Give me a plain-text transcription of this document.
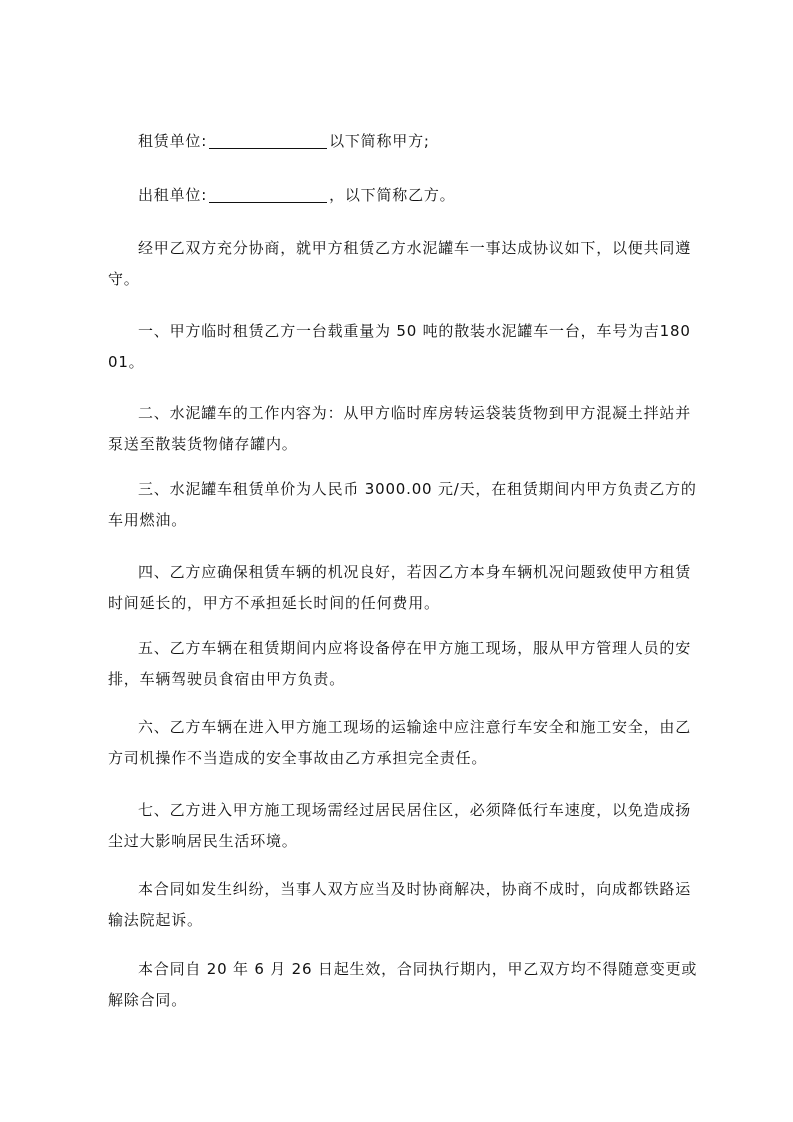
租赁单位:	以下简称甲方;

出租单位:	，以下简称乙方。

经甲乙双方充分协商，就甲方租赁乙方水泥罐车一事达成协议如下，以便共同遵守。

一、甲方临时租赁乙方一台载重量为 50 吨的散装水泥罐车一台，车号为吉18001。

二、水泥罐车的工作内容为：从甲方临时库房转运袋装货物到甲方混凝土拌站并泵送至散装货物储存罐内。

三、水泥罐车租赁单价为人民币 3000.00 元/天，在租赁期间内甲方负责乙方的车用燃油。

四、乙方应确保租赁车辆的机况良好，若因乙方本身车辆机况问题致使甲方租赁时间延长的，甲方不承担延长时间的任何费用。

五、乙方车辆在租赁期间内应将设备停在甲方施工现场，服从甲方管理人员的安排，车辆驾驶员食宿由甲方负责。

六、乙方车辆在进入甲方施工现场的运输途中应注意行车安全和施工安全，由乙方司机操作不当造成的安全事故由乙方承担完全责任。

七、乙方进入甲方施工现场需经过居民居住区，必须降低行车速度，以免造成扬尘过大影响居民生活环境。

本合同如发生纠纷，当事人双方应当及时协商解决，协商不成时，向成都铁路运输法院起诉。

本合同自 20 年 6 月 26 日起生效，合同执行期内，甲乙双方均不得随意变更或解除合同。
